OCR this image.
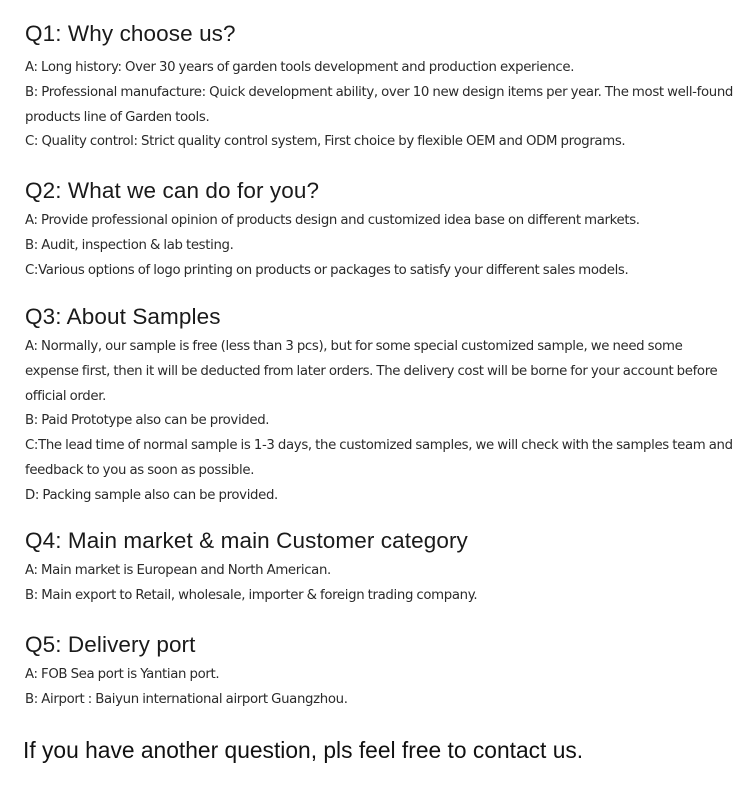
Q1: Why choose us?
A: Long history: Over 30 years of garden tools development and production experience.
B: Professional manufacture: Quick development ability, over 10 new design items per year. The most well-found products line of Garden tools.
C: Quality control: Strict quality control system, First choice by flexible OEM and ODM programs.
Q2: What we can do for you?
A: Provide professional opinion of products design and customized idea base on different markets.
B: Audit, inspection & lab testing.
C:Various options of logo printing on products or packages to satisfy your different sales models.
Q3: About Samples
A: Normally, our sample is free (less than 3 pcs), but for some special customized sample, we need some expense first, then it will be deducted from later orders. The delivery cost will be borne for your account before official order.
B: Paid Prototype also can be provided.
C:The lead time of normal sample is 1-3 days, the customized samples, we will check with the samples team and feedback to you as soon as possible.
D: Packing sample also can be provided.
Q4: Main market & main Customer category
A: Main market is European and North American.
B: Main export to Retail, wholesale, importer & foreign trading company.
Q5: Delivery port
A: FOB Sea port is Yantian port.
B: Airport : Baiyun international airport Guangzhou.

If you have another question, pls feel free to contact us.
